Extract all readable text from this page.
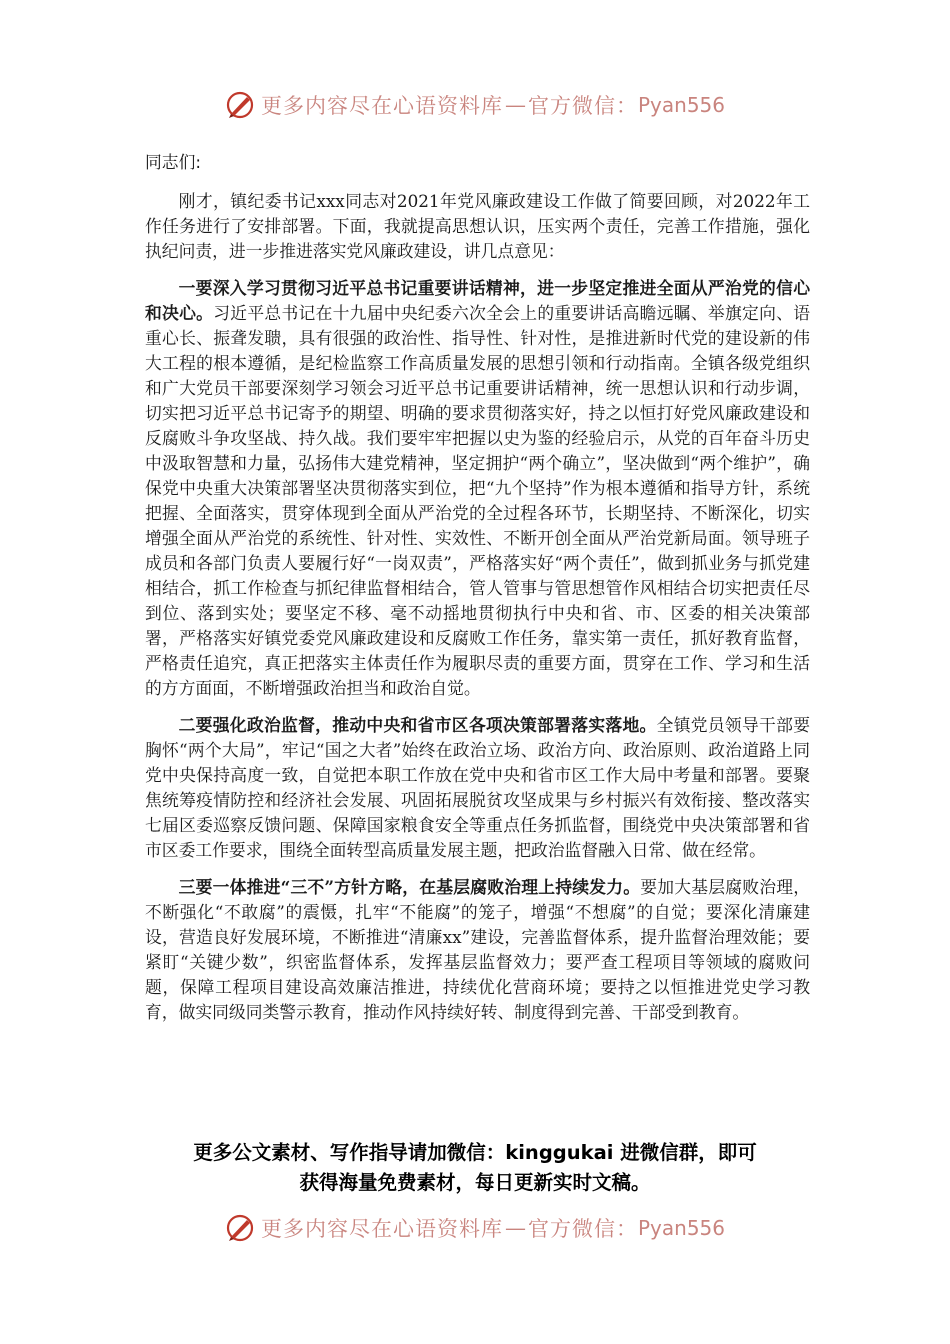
更多内容尽在心语资料库 — 官方微信： Pyan556

同志们:

刚才，镇纪委书记xxx同志对2021年党风廉政建设工作做了简要回顾，对2022年工作任务进行了安排部署。下面，我就提高思想认识，压实两个责任，完善工作措施，强化执纪问责，进一步推进落实党风廉政建设，讲几点意见：

一要深入学习贯彻习近平总书记重要讲话精神，进一步坚定推进全面从严治党的信心和决心。习近平总书记在十九届中央纪委六次全会上的重要讲话高瞻远瞩、举旗定向、语重心长、振聋发聩，具有很强的政治性、指导性、针对性，是推进新时代党的建设新的伟大工程的根本遵循，是纪检监察工作高质量发展的思想引领和行动指南。全镇各级党组织和广大党员干部要深刻学习领会习近平总书记重要讲话精神，统一思想认识和行动步调，切实把习近平总书记寄予的期望、明确的要求贯彻落实好，持之以恒打好党风廉政建设和反腐败斗争攻坚战、持久战。我们要牢牢把握以史为鉴的经验启示，从党的百年奋斗历史中汲取智慧和力量，弘扬伟大建党精神，坚定拥护“两个确立”，坚决做到“两个维护”，确保党中央重大决策部署坚决贯彻落实到位，把“九个坚持”作为根本遵循和指导方针，系统把握、全面落实，贯穿体现到全面从严治党的全过程各环节，长期坚持、不断深化，切实增强全面从严治党的系统性、针对性、实效性、不断开创全面从严治党新局面。领导班子成员和各部门负责人要履行好“一岗双责”，严格落实好“两个责任”，做到抓业务与抓党建相结合，抓工作检查与抓纪律监督相结合，管人管事与管思想管作风相结合切实把责任尽到位、落到实处；要坚定不移、毫不动摇地贯彻执行中央和省、市、区委的相关决策部署，严格落实好镇党委党风廉政建设和反腐败工作任务，靠实第一责任，抓好教育监督，严格责任追究，真正把落实主体责任作为履职尽责的重要方面，贯穿在工作、学习和生活的方方面面，不断增强政治担当和政治自觉。

二要强化政治监督，推动中央和省市区各项决策部署落实落地。全镇党员领导干部要胸怀“两个大局”，牢记“国之大者”始终在政治立场、政治方向、政治原则、政治道路上同党中央保持高度一致，自觉把本职工作放在党中央和省市区工作大局中考量和部署。要聚焦统筹疫情防控和经济社会发展、巩固拓展脱贫攻坚成果与乡村振兴有效衔接、整改落实七届区委巡察反馈问题、保障国家粮食安全等重点任务抓监督，围绕党中央决策部署和省市区委工作要求，围绕全面转型高质量发展主题，把政治监督融入日常、做在经常。

三要一体推进“三不”方针方略，在基层腐败治理上持续发力。要加大基层腐败治理，不断强化“不敢腐”的震慑，扎牢“不能腐”的笼子，增强“不想腐”的自觉；要深化清廉建设，营造良好发展环境，不断推进“清廉xx”建设，完善监督体系，提升监督治理效能；要紧盯“关键少数”，织密监督体系，发挥基层监督效力；要严查工程项目等领域的腐败问题，保障工程项目建设高效廉洁推进，持续优化营商环境；要持之以恒推进党史学习教育，做实同级同类警示教育，推动作风持续好转、制度得到完善、干部受到教育。

更多公文素材、写作指导请加微信：kinggukai 进微信群，即可
获得海量免费素材，每日更新实时文稿。
更多内容尽在心语资料库 — 官方微信： Pyan556
